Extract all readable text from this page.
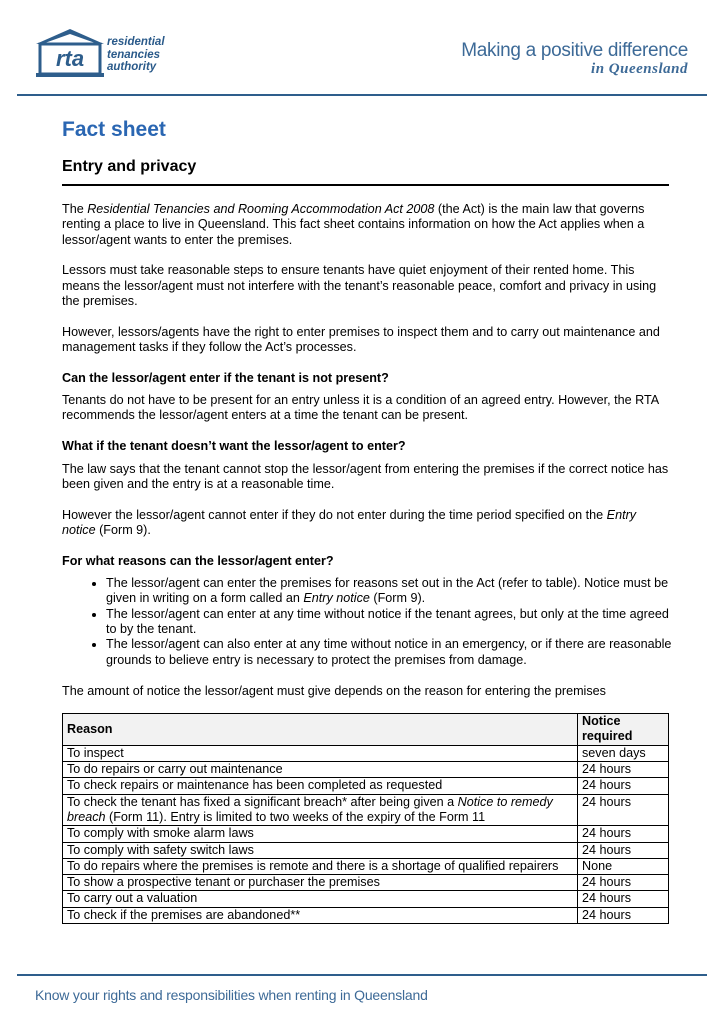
rta
residential
tenancies
authority
Making a positive difference
in Queensland
Fact sheet
Entry and privacy

The Residential Tenancies and Rooming Accommodation Act 2008 (the Act) is the main law that governs renting a place to live in Queensland. This fact sheet contains information on how the Act applies when a lessor/agent wants to enter the premises.

Lessors must take reasonable steps to ensure tenants have quiet enjoyment of their rented home. This means the lessor/agent must not interfere with the tenant’s reasonable peace, comfort and privacy in using the premises.

However, lessors/agents have the right to enter premises to inspect them and to carry out maintenance and management tasks if they follow the Act’s processes.

Can the lessor/agent enter if the tenant is not present?

Tenants do not have to be present for an entry unless it is a condition of an agreed entry. However, the RTA recommends the lessor/agent enters at a time the tenant can be present.

What if the tenant doesn’t want the lessor/agent to enter?

The law says that the tenant cannot stop the lessor/agent from entering the premises if the correct notice has been given and the entry is at a reasonable time.

However the lessor/agent cannot enter if they do not enter during the time period specified on the Entry notice (Form 9).

For what reasons can the lessor/agent enter?
• The lessor/agent can enter the premises for reasons set out in the Act (refer to table). Notice must be given in writing on a form called an Entry notice (Form 9).
• The lessor/agent can enter at any time without notice if the tenant agrees, but only at the time agreed to by the tenant.
• The lessor/agent can also enter at any time without notice in an emergency, or if there are reasonable grounds to believe entry is necessary to protect the premises from damage.

The amount of notice the lessor/agent must give depends on the reason for entering the premises

Reason	Notice required
To inspect	seven days
To do repairs or carry out maintenance	24 hours
To check repairs or maintenance has been completed as requested	24 hours
To check the tenant has fixed a significant breach* after being given a Notice to remedy breach (Form 11). Entry is limited to two weeks of the expiry of the Form 11	24 hours
To comply with smoke alarm laws	24 hours
To comply with safety switch laws	24 hours
To do repairs where the premises is remote and there is a shortage of qualified repairers	None
To show a prospective tenant or purchaser the premises	24 hours
To carry out a valuation	24 hours
To check if the premises are abandoned**	24 hours
Know your rights and responsibilities when renting in Queensland
